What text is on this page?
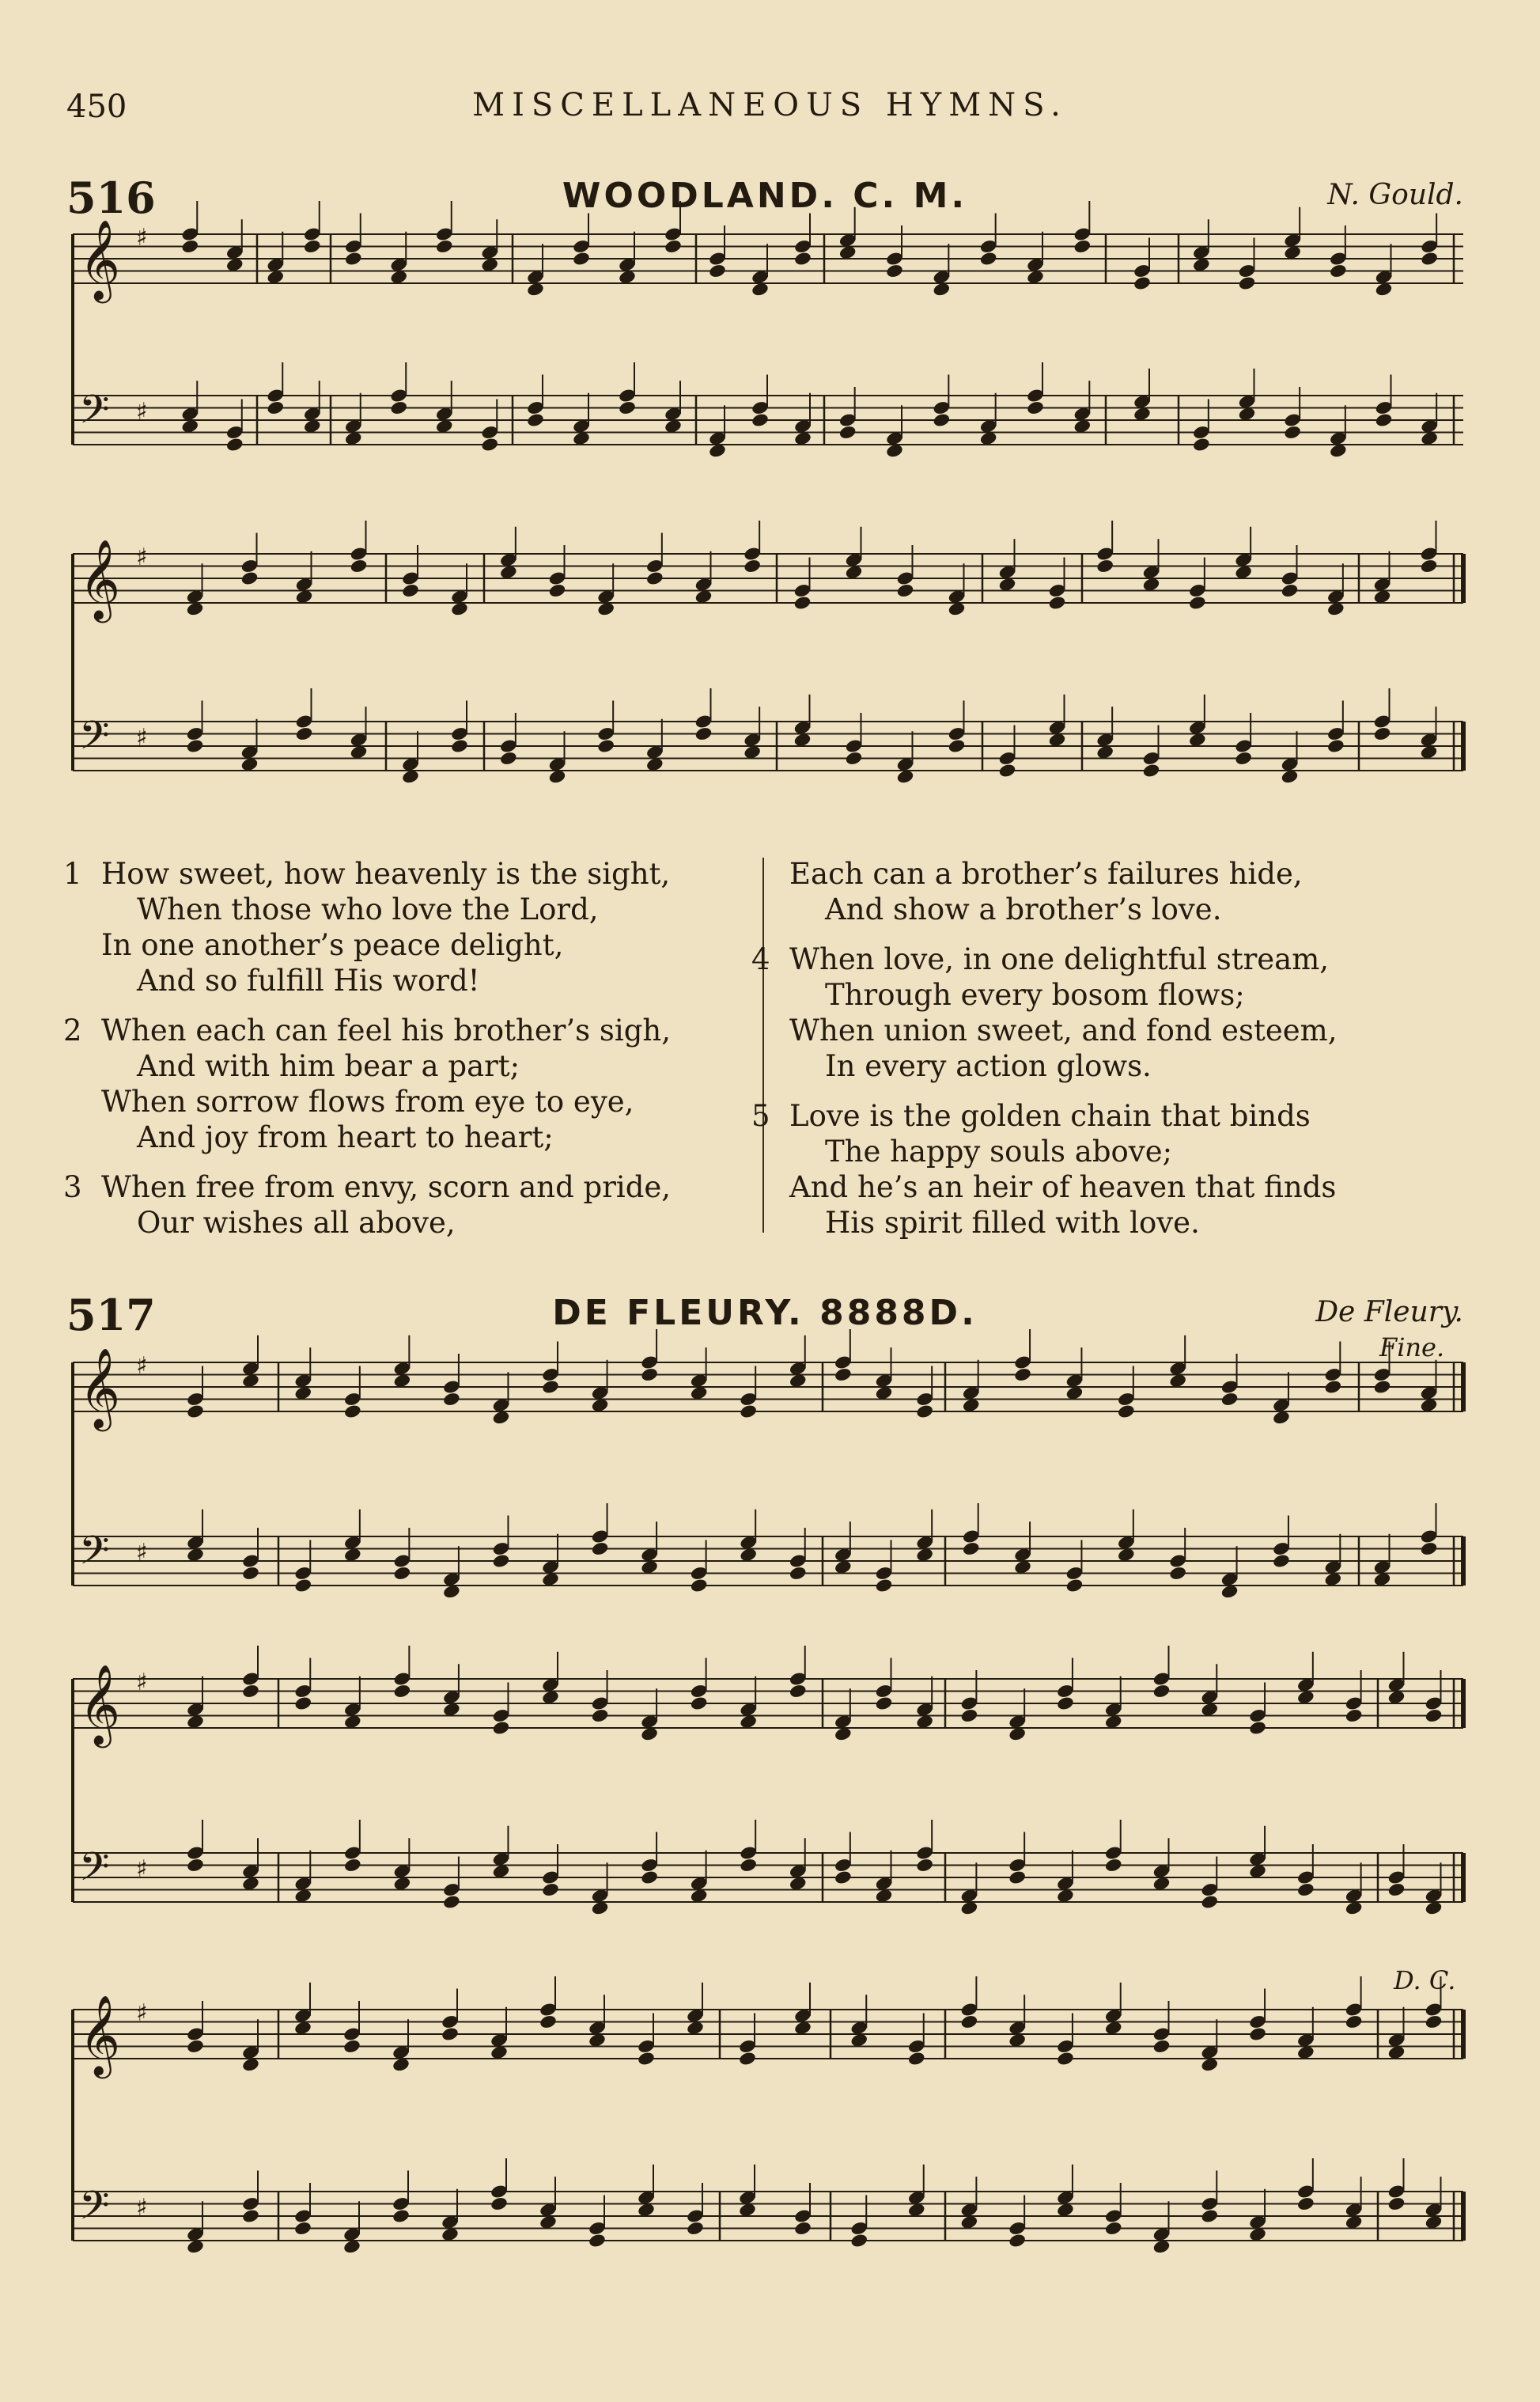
450	MISCELLANEOUS HYMNS.
516	WOODLAND. C. M.	N. Gould.
517	DE FLEURY. 8888D.	De Fleury.
Fine.
D. C.
𝄞 ♯
𝄢 ♯
𝄞 ♯
𝄢 ♯
𝄞 ♯
𝄢 ♯
𝄞 ♯
𝄢 ♯
𝄞 ♯
𝄢 ♯
1 How sweet, how heavenly is the sight,
When those who love the Lord,
In one another’s peace delight,
And so fulfill His word!
2 When each can feel his brother’s sigh,
And with him bear a part;
When sorrow flows from eye to eye,
And joy from heart to heart;
3 When free from envy, scorn and pride,
Our wishes all above,
Each can a brother’s failures hide,
And show a brother’s love.
4 When love, in one delightful stream,
Through every bosom flows;
When union sweet, and fond esteem,
In every action glows.
5 Love is the golden chain that binds
The happy souls above;
And he’s an heir of heaven that finds
His spirit filled with love.
